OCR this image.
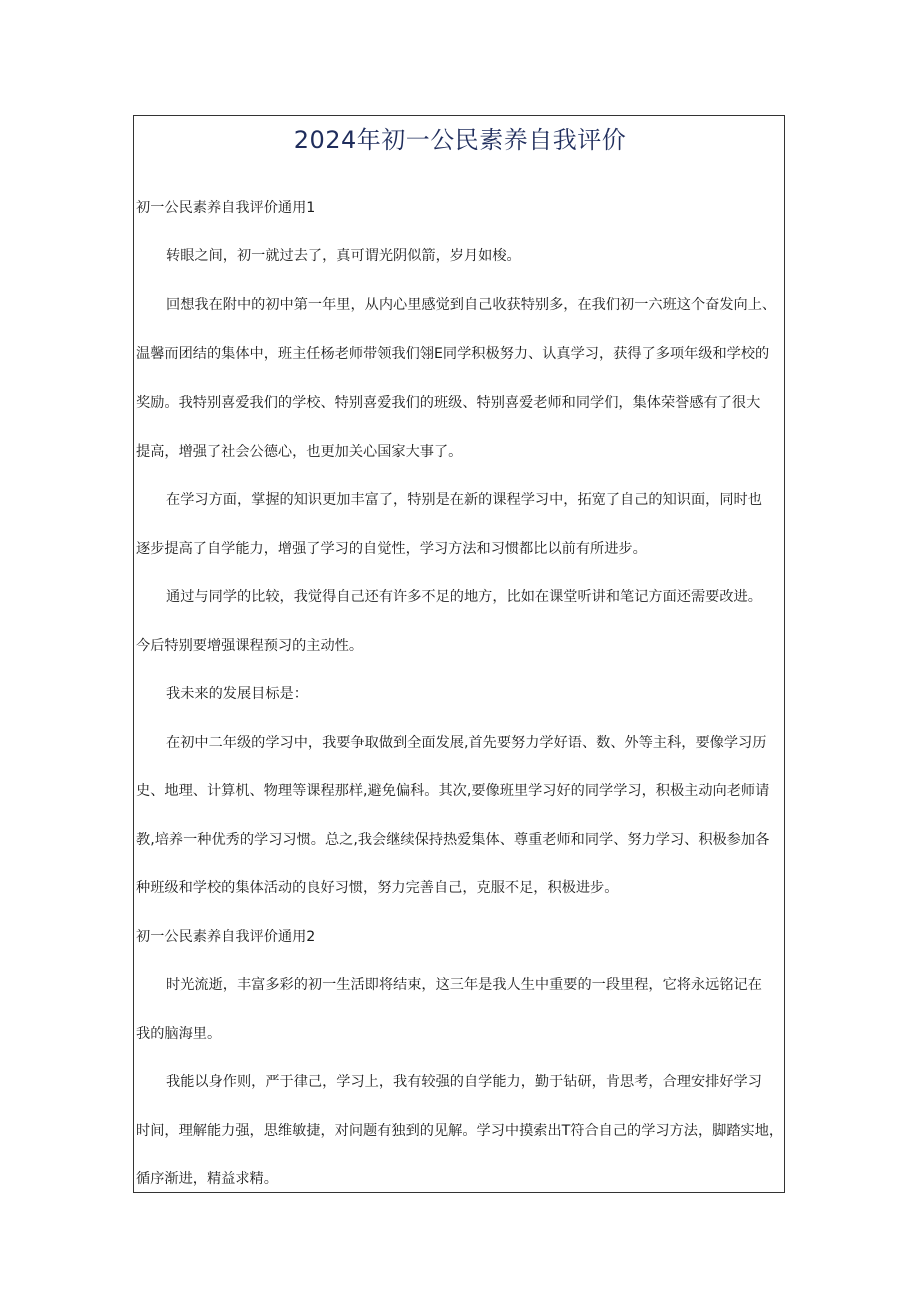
2024年初一公民素养自我评价
初一公民素养自我评价通用1
转眼之间，初一就过去了，真可谓光阴似箭，岁月如梭。
回想我在附中的初中第一年里，从内心里感觉到自己收获特别多，在我们初一六班这个奋发向上、
温馨而团结的集体中，班主任杨老师带领我们翎E同学积极努力、认真学习，获得了多项年级和学校的
奖励。我特别喜爱我们的学校、特别喜爱我们的班级、特别喜爱老师和同学们，集体荣誉感有了很大
提高，增强了社会公德心，也更加关心国家大事了。
在学习方面，掌握的知识更加丰富了，特别是在新的课程学习中，拓宽了自己的知识面，同时也
逐步提高了自学能力，增强了学习的自觉性，学习方法和习惯都比以前有所进步。
通过与同学的比较，我觉得自己还有许多不足的地方，比如在课堂听讲和笔记方面还需要改进。
今后特别要增强课程预习的主动性。
我未来的发展目标是：
在初中二年级的学习中，我要争取做到全面发展,首先要努力学好语、数、外等主科，要像学习历
史、地理、计算机、物理等课程那样,避免偏科。其次,要像班里学习好的同学学习，积极主动向老师请
教,培养一种优秀的学习习惯。总之,我会继续保持热爱集体、尊重老师和同学、努力学习、积极参加各
种班级和学校的集体活动的良好习惯，努力完善自己，克服不足，积极进步。
初一公民素养自我评价通用2
时光流逝，丰富多彩的初一生活即将结束，这三年是我人生中重要的一段里程，它将永远铭记在
我的脑海里。
我能以身作则，严于律己，学习上，我有较强的自学能力，勤于钻研，肯思考，合理安排好学习
时间，理解能力强，思维敏捷，对问题有独到的见解。学习中摸索出T符合自己的学习方法，脚踏实地，
循序渐进，精益求精。
